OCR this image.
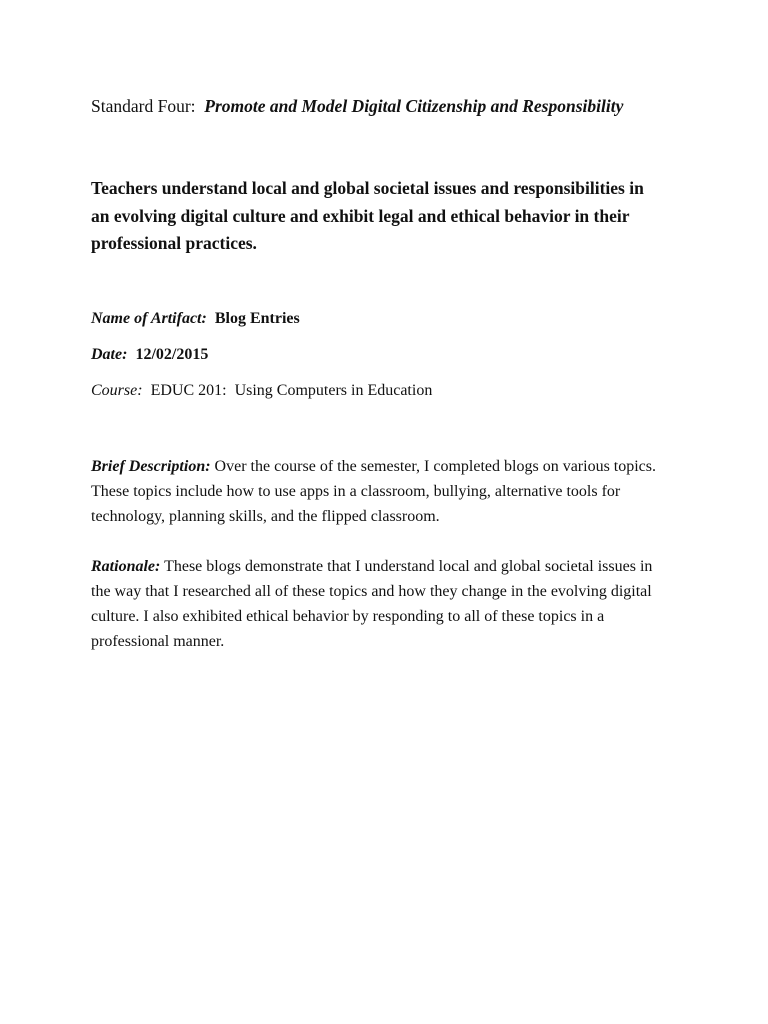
Standard Four: Promote and Model Digital Citizenship and Responsibility

Teachers understand local and global societal issues and responsibilities in an evolving digital culture and exhibit legal and ethical behavior in their professional practices.

Name of Artifact: Blog Entries

Date: 12/02/2015

Course: EDUC 201:  Using Computers in Education

Brief Description: Over the course of the semester, I completed blogs on various topics. These topics include how to use apps in a classroom, bullying, alternative tools for technology, planning skills, and the flipped classroom.

Rationale: These blogs demonstrate that I understand local and global societal issues in the way that I researched all of these topics and how they change in the evolving digital culture. I also exhibited ethical behavior by responding to all of these topics in a professional manner.
